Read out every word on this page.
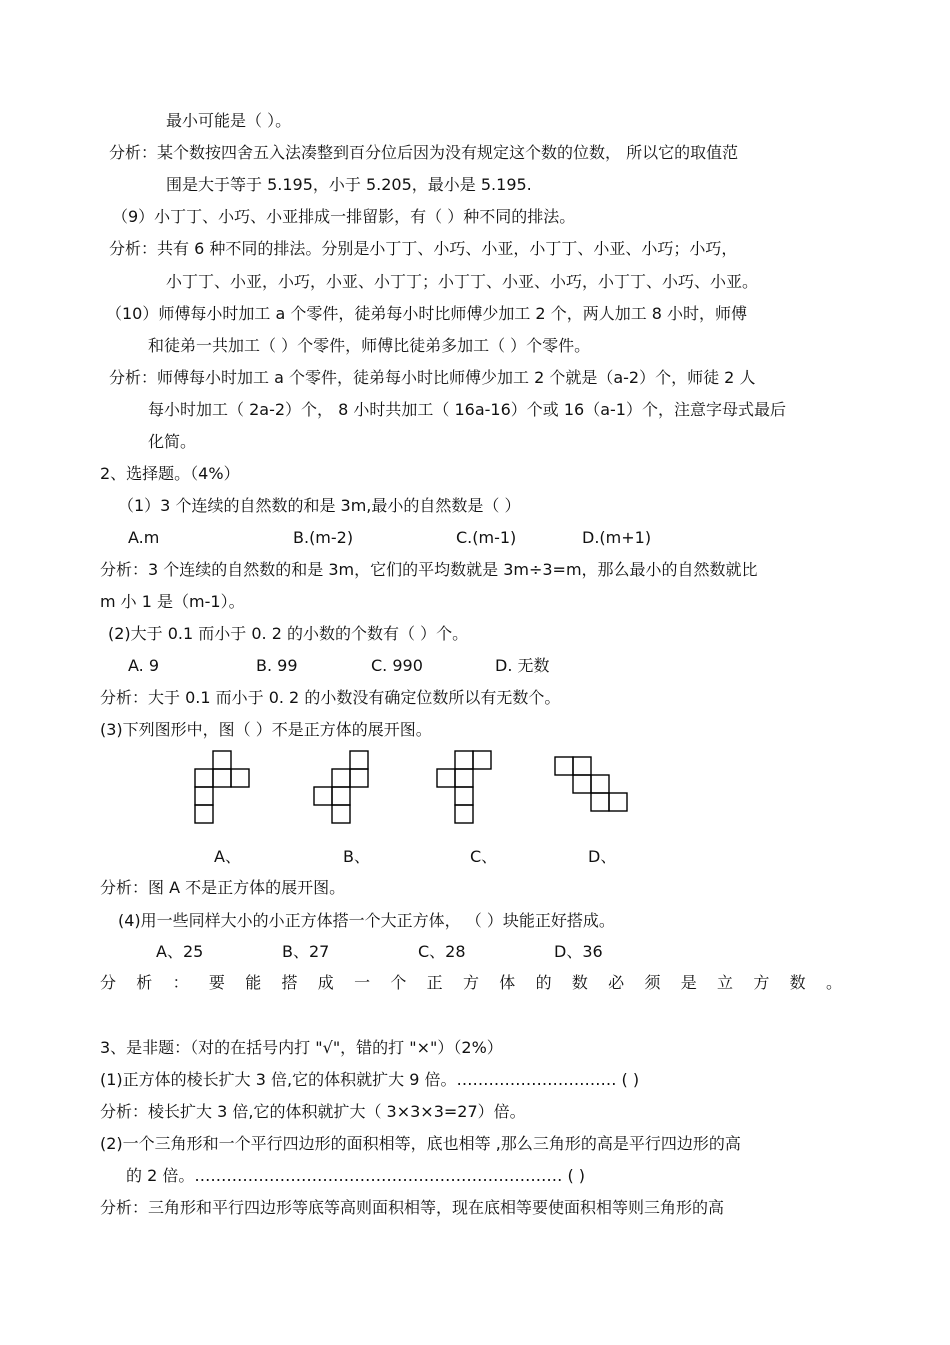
最小可能是（ ）。
分析：某个数按四舍五入法凑整到百分位后因为没有规定这个数的位数， 所以它的取值范
围是大于等于 5.195，小于 5.205，最小是 5.195.
（9）小丁丁、小巧、小亚排成一排留影，有（ ）种不同的排法。
分析：共有 6 种不同的排法。分别是小丁丁、小巧、小亚，小丁丁、小亚、小巧；小巧，
小丁丁、小亚，小巧，小亚、小丁丁；小丁丁、小亚、小巧，小丁丁、小巧、小亚。
（10）师傅每小时加工 a 个零件，徒弟每小时比师傅少加工 2 个，两人加工 8 小时，师傅
和徒弟一共加工（ ）个零件，师傅比徒弟多加工（ ）个零件。
分析：师傅每小时加工 a 个零件，徒弟每小时比师傅少加工 2 个就是（a-2）个，师徒 2 人
每小时加工（ 2a-2）个， 8 小时共加工（ 16a-16）个或 16（a-1）个，注意字母式最后
化简。
2、选择题。（4%）
（1）3 个连续的自然数的和是 3m,最小的自然数是（ ）
A.m	B.(m-2)	C.(m-1)	D.(m+1)
分析：3 个连续的自然数的和是 3m，它们的平均数就是 3m÷3=m，那么最小的自然数就比
m 小 1 是（m-1）。
(2)大于 0.1 而小于 0. 2 的小数的个数有（ ）个。
A. 9	B. 99	C. 990	D. 无数
分析：大于 0.1 而小于 0. 2 的小数没有确定位数所以有无数个。
(3)下列图形中，图（ ）不是正方体的展开图。
A、	B、	C、	D、
分析：图 A 不是正方体的展开图。
(4)用一些同样大小的小正方体搭一个大正方体， （ ）块能正好搭成。
A、25	B、27	C、28	D、36
分 析 ： 要 能 搭 成 一 个 正 方 体 的 数 必 须 是 立 方 数 。
3、是非题：（对的在括号内打 "√"，错的打 "×"）（2%）
(1)正方体的棱长扩大 3 倍,它的体积就扩大 9 倍。………………………… ( )
分析：棱长扩大 3 倍,它的体积就扩大（ 3×3×3=27）倍。
(2)一个三角形和一个平行四边形的面积相等，底也相等 ,那么三角形的高是平行四边形的高
的 2 倍。…………………………………………………………… ( )
分析：三角形和平行四边形等底等高则面积相等，现在底相等要使面积相等则三角形的高
